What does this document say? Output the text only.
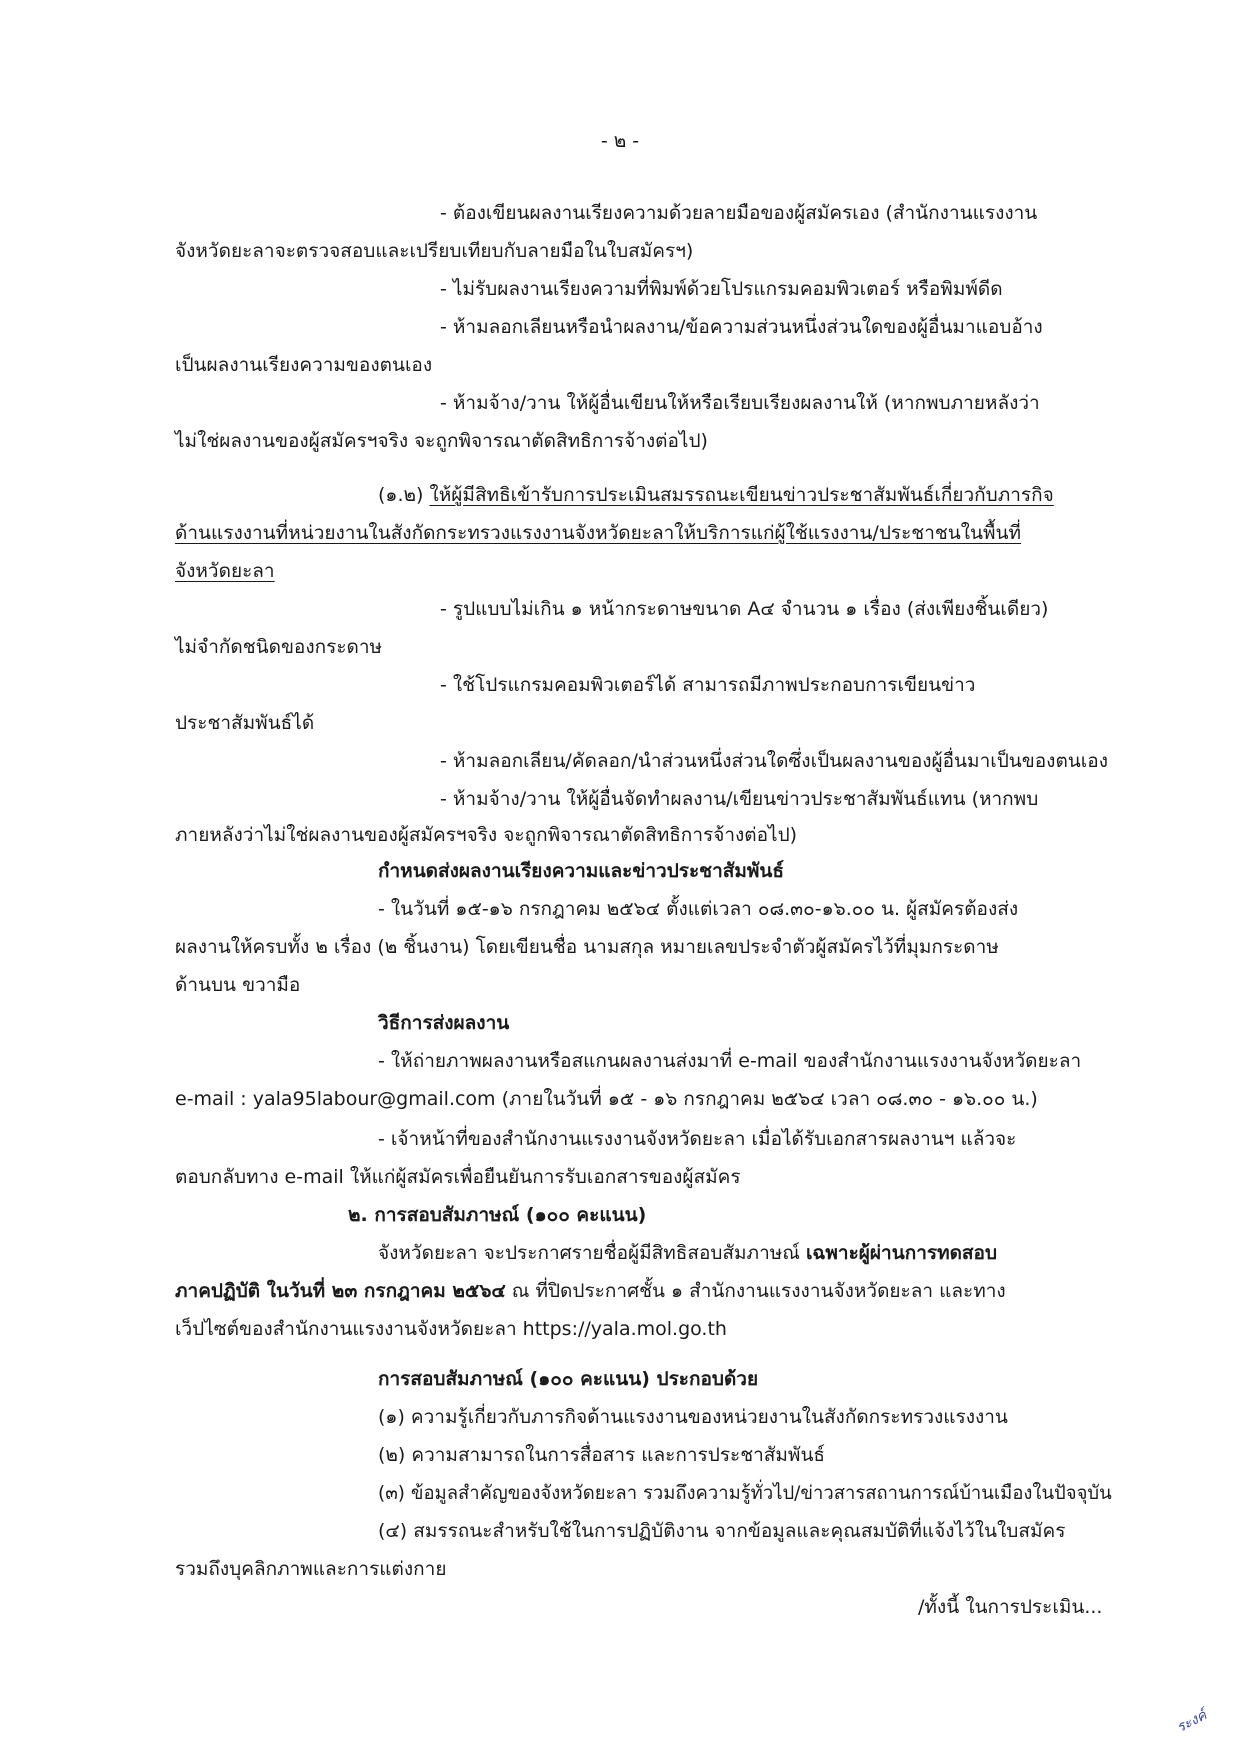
- ๒ -
- ต้องเขียนผลงานเรียงความด้วยลายมือของผู้สมัครเอง (สำนักงานแรงงาน
จังหวัดยะลาจะตรวจสอบและเปรียบเทียบกับลายมือในใบสมัครฯ)
- ไม่รับผลงานเรียงความที่พิมพ์ด้วยโปรแกรมคอมพิวเตอร์ หรือพิมพ์ดีด
- ห้ามลอกเลียนหรือนำผลงาน/ข้อความส่วนหนึ่งส่วนใดของผู้อื่นมาแอบอ้าง
เป็นผลงานเรียงความของตนเอง
- ห้ามจ้าง/วาน ให้ผู้อื่นเขียนให้หรือเรียบเรียงผลงานให้ (หากพบภายหลังว่า
ไม่ใช่ผลงานของผู้สมัครฯจริง จะถูกพิจารณาตัดสิทธิการจ้างต่อไป)
(๑.๒) ให้ผู้มีสิทธิเข้ารับการประเมินสมรรถนะเขียนข่าวประชาสัมพันธ์เกี่ยวกับภารกิจ
ด้านแรงงานที่หน่วยงานในสังกัดกระทรวงแรงงานจังหวัดยะลาให้บริการแก่ผู้ใช้แรงงาน/ประชาชนในพื้นที่
จังหวัดยะลา
- รูปแบบไม่เกิน ๑ หน้ากระดาษขนาด A๔ จำนวน ๑ เรื่อง (ส่งเพียงชิ้นเดียว)
ไม่จำกัดชนิดของกระดาษ
- ใช้โปรแกรมคอมพิวเตอร์ได้ สามารถมีภาพประกอบการเขียนข่าว
ประชาสัมพันธ์ได้
- ห้ามลอกเลียน/คัดลอก/นำส่วนหนึ่งส่วนใดซึ่งเป็นผลงานของผู้อื่นมาเป็นของตนเอง
- ห้ามจ้าง/วาน ให้ผู้อื่นจัดทำผลงาน/เขียนข่าวประชาสัมพันธ์แทน (หากพบ
ภายหลังว่าไม่ใช่ผลงานของผู้สมัครฯจริง จะถูกพิจารณาตัดสิทธิการจ้างต่อไป)
กำหนดส่งผลงานเรียงความและข่าวประชาสัมพันธ์
- ในวันที่ ๑๕-๑๖ กรกฎาคม ๒๕๖๔ ตั้งแต่เวลา ๐๘.๓๐-๑๖.๐๐ น. ผู้สมัครต้องส่ง
ผลงานให้ครบทั้ง ๒ เรื่อง (๒ ชิ้นงาน) โดยเขียนชื่อ นามสกุล หมายเลขประจำตัวผู้สมัครไว้ที่มุมกระดาษ
ด้านบน ขวามือ
วิธีการส่งผลงาน
- ให้ถ่ายภาพผลงานหรือสแกนผลงานส่งมาที่ e-mail ของสำนักงานแรงงานจังหวัดยะลา
e-mail : yala95labour@gmail.com (ภายในวันที่ ๑๕ - ๑๖ กรกฎาคม ๒๕๖๔ เวลา ๐๘.๓๐ - ๑๖.๐๐ น.)
- เจ้าหน้าที่ของสำนักงานแรงงานจังหวัดยะลา เมื่อได้รับเอกสารผลงานฯ แล้วจะ
ตอบกลับทาง e-mail ให้แก่ผู้สมัครเพื่อยืนยันการรับเอกสารของผู้สมัคร
๒. การสอบสัมภาษณ์ (๑๐๐ คะแนน)
จังหวัดยะลา จะประกาศรายชื่อผู้มีสิทธิสอบสัมภาษณ์ เฉพาะผู้ผ่านการทดสอบ
ภาคปฏิบัติ ในวันที่ ๒๓ กรกฎาคม ๒๕๖๔ ณ ที่ปิดประกาศชั้น ๑ สำนักงานแรงงานจังหวัดยะลา และทาง
เว็ปไซต์ของสำนักงานแรงงานจังหวัดยะลา https://yala.mol.go.th
การสอบสัมภาษณ์ (๑๐๐ คะแนน) ประกอบด้วย
(๑) ความรู้เกี่ยวกับภารกิจด้านแรงงานของหน่วยงานในสังกัดกระทรวงแรงงาน
(๒) ความสามารถในการสื่อสาร และการประชาสัมพันธ์
(๓) ข้อมูลสำคัญของจังหวัดยะลา รวมถึงความรู้ทั่วไป/ข่าวสารสถานการณ์บ้านเมืองในปัจจุบัน
(๔) สมรรถนะสำหรับใช้ในการปฏิบัติงาน จากข้อมูลและคุณสมบัติที่แจ้งไว้ในใบสมัคร
รวมถึงบุคลิกภาพและการแต่งกาย
/ทั้งนี้ ในการประเมิน...
ระงค์
